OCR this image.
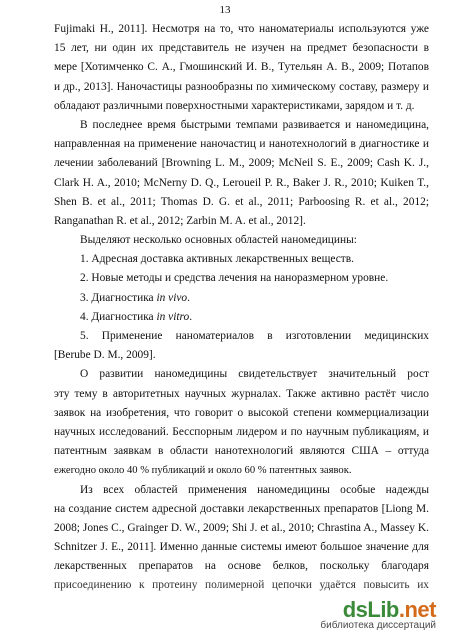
13
Fujimaki H., 2011]. Несмотря на то, что наноматериалы используются уже
15 лет, ни один их представитель не изучен на предмет безопасности в
мере [Хотимченко С. А., Гмошинский И. В., Тутельян А. В., 2009; Потапов
и др., 2013]. Наночастицы разнообразны по химическому составу, размеру и
обладают различными поверхностными характеристиками, зарядом и т. д.
В последнее время быстрыми темпами развивается и наномедицина,
направленная на применение наночастиц и нанотехнологий в диагностике и
лечении заболеваний [Browning L. M., 2009; McNeil S. E., 2009; Cash K. J.,
Clark H. A., 2010; McNerny D. Q., Leroueil P. R., Baker J. R., 2010; Kuiken T.,
Shen B. et al., 2011; Thomas D. G. et al., 2011; Parboosing R. et al., 2012;
Ranganathan R. et al., 2012; Zarbin M. A. et al., 2012].
Выделяют несколько основных областей наномедицины:
1. Адресная доставка активных лекарственных веществ.
2. Новые методы и средства лечения на наноразмерном уровне.
3. Диагностика in vivo.
4. Диагностика in vitro.
5. Применение наноматериалов в изготовлении медицинских
[Berube D. M., 2009].
О развитии наномедицины свидетельствует значительный рост
эту тему в авторитетных научных журналах. Также активно растёт число
заявок на изобретения, что говорит о высокой степени коммерциализации
научных исследований. Бесспорным лидером и по научным публикациям, и
патентным заявкам в области нанотехнологий являются США – оттуда
ежегодно около 40 % публикаций и около 60 % патентных заявок.
Из всех областей применения наномедицины особые надежды
на создание систем адресной доставки лекарственных препаратов [Liong M.
2008; Jones C., Grainger D. W., 2009; Shi J. et al., 2010; Chrastina A., Massey K.
Schnitzer J. E., 2011]. Именно данные системы имеют большое значение для
лекарственных препаратов на основе белков, поскольку благодаря
присоединению к протеину полимерной цепочки удаётся повысить их
dsLib.net
библиотека диссертаций
